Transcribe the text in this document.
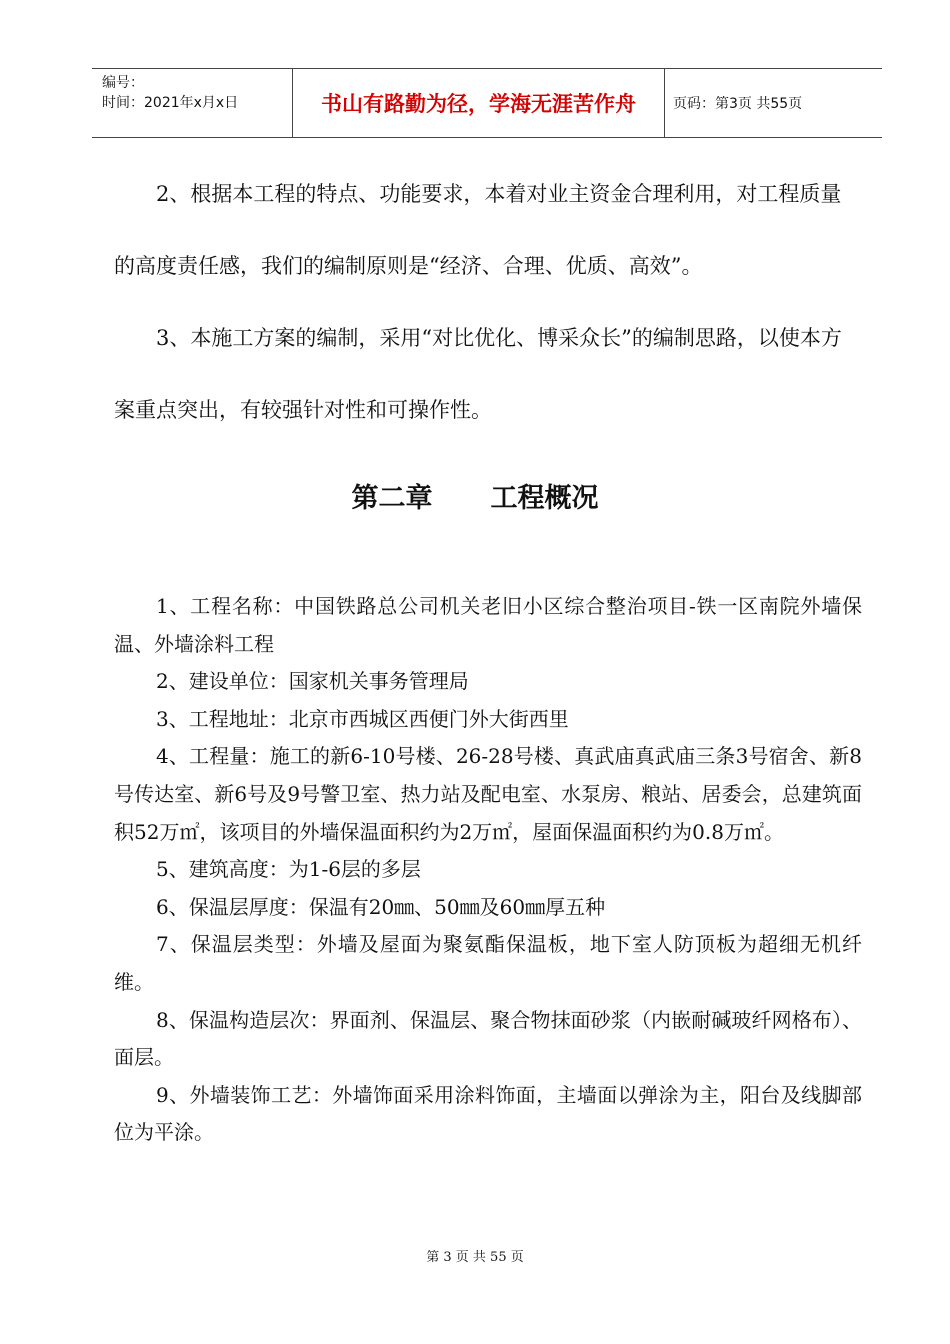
编号：
时间：2021年x月x日	书山有路勤为径，学海无涯苦作舟	页码：第3页 共55页

2、根据本工程的特点、功能要求，本着对业主资金合理利用，对工程质量的高度责任感，我们的编制原则是“经济、合理、优质、高效”。

3、本施工方案的编制，采用“对比优化、博采众长”的编制思路，以使本方案重点突出，有较强针对性和可操作性。

第二章 工程概况

1、工程名称：中国铁路总公司机关老旧小区综合整治项目-铁一区南院外墙保温、外墙涂料工程

2、建设单位：国家机关事务管理局

3、工程地址：北京市西城区西便门外大街西里

4、工程量：施工的新6-10号楼、26-28号楼、真武庙真武庙三条3号宿舍、新8号传达室、新6号及9号警卫室、热力站及配电室、水泵房、粮站、居委会，总建筑面积52万㎡，该项目的外墙保温面积约为2万㎡，屋面保温面积约为0.8万㎡。

5、建筑高度：为1-6层的多层

6、保温层厚度：保温有20㎜、50㎜及60㎜厚五种

7、保温层类型：外墙及屋面为聚氨酯保温板，地下室人防顶板为超细无机纤维。

8、保温构造层次：界面剂、保温层、聚合物抹面砂浆（内嵌耐碱玻纤网格布）、面层。

9、外墙装饰工艺：外墙饰面采用涂料饰面，主墙面以弹涂为主，阳台及线脚部位为平涂。

第 3 页 共 55 页
